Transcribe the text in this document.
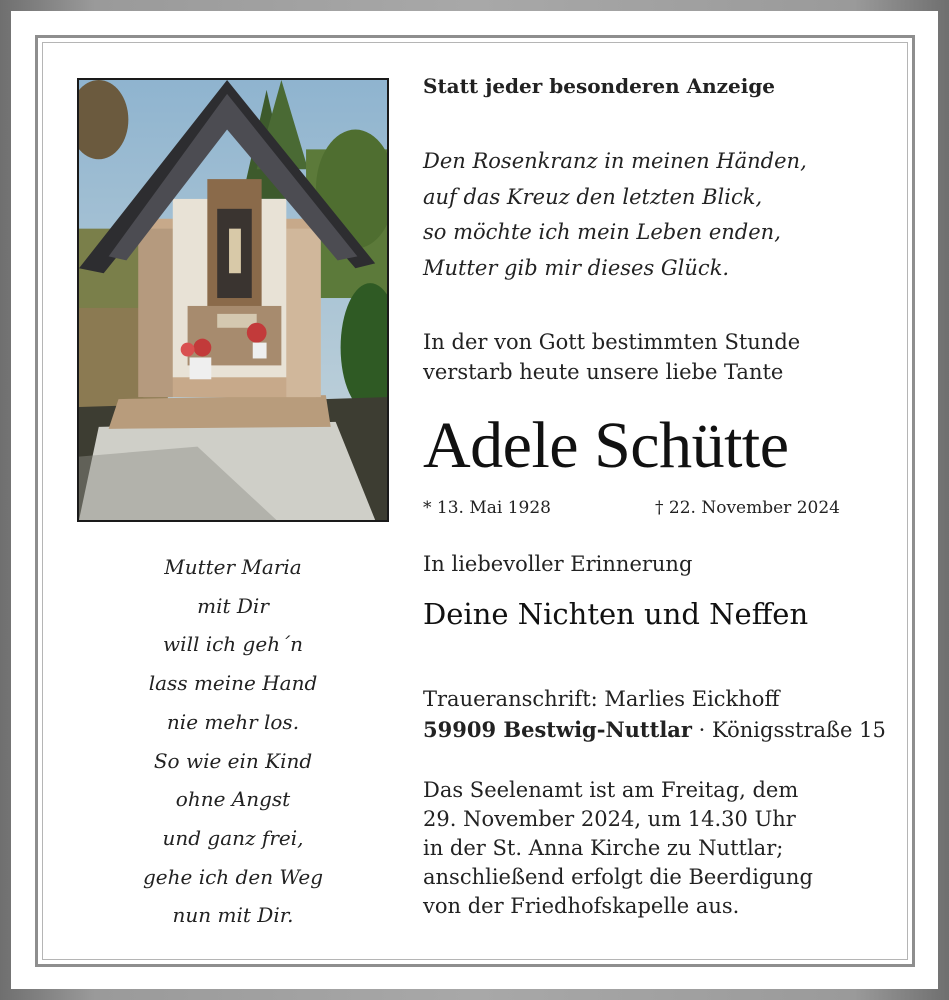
Mutter Maria
mit Dir
will ich geh´n
lass meine Hand
nie mehr los.
So wie ein Kind
ohne Angst
und ganz frei,
gehe ich den Weg
nun mit Dir.
Statt jeder besonderen Anzeige
Den Rosenkranz in meinen Händen,
auf das Kreuz den letzten Blick,
so möchte ich mein Leben enden,
Mutter gib mir dieses Glück.
In der von Gott bestimmten Stunde
verstarb heute unsere liebe Tante
Adele Schütte
* 13. Mai 1928	† 22. November 2024
In liebevoller Erinnerung
Deine Nichten und Neffen
Traueranschrift: Marlies Eickhoff
59909 Bestwig-Nuttlar · Königsstraße 15
Das Seelenamt ist am Freitag, dem
29. November 2024, um 14.30 Uhr
in der St. Anna Kirche zu Nuttlar;
anschließend erfolgt die Beerdigung
von der Friedhofskapelle aus.
